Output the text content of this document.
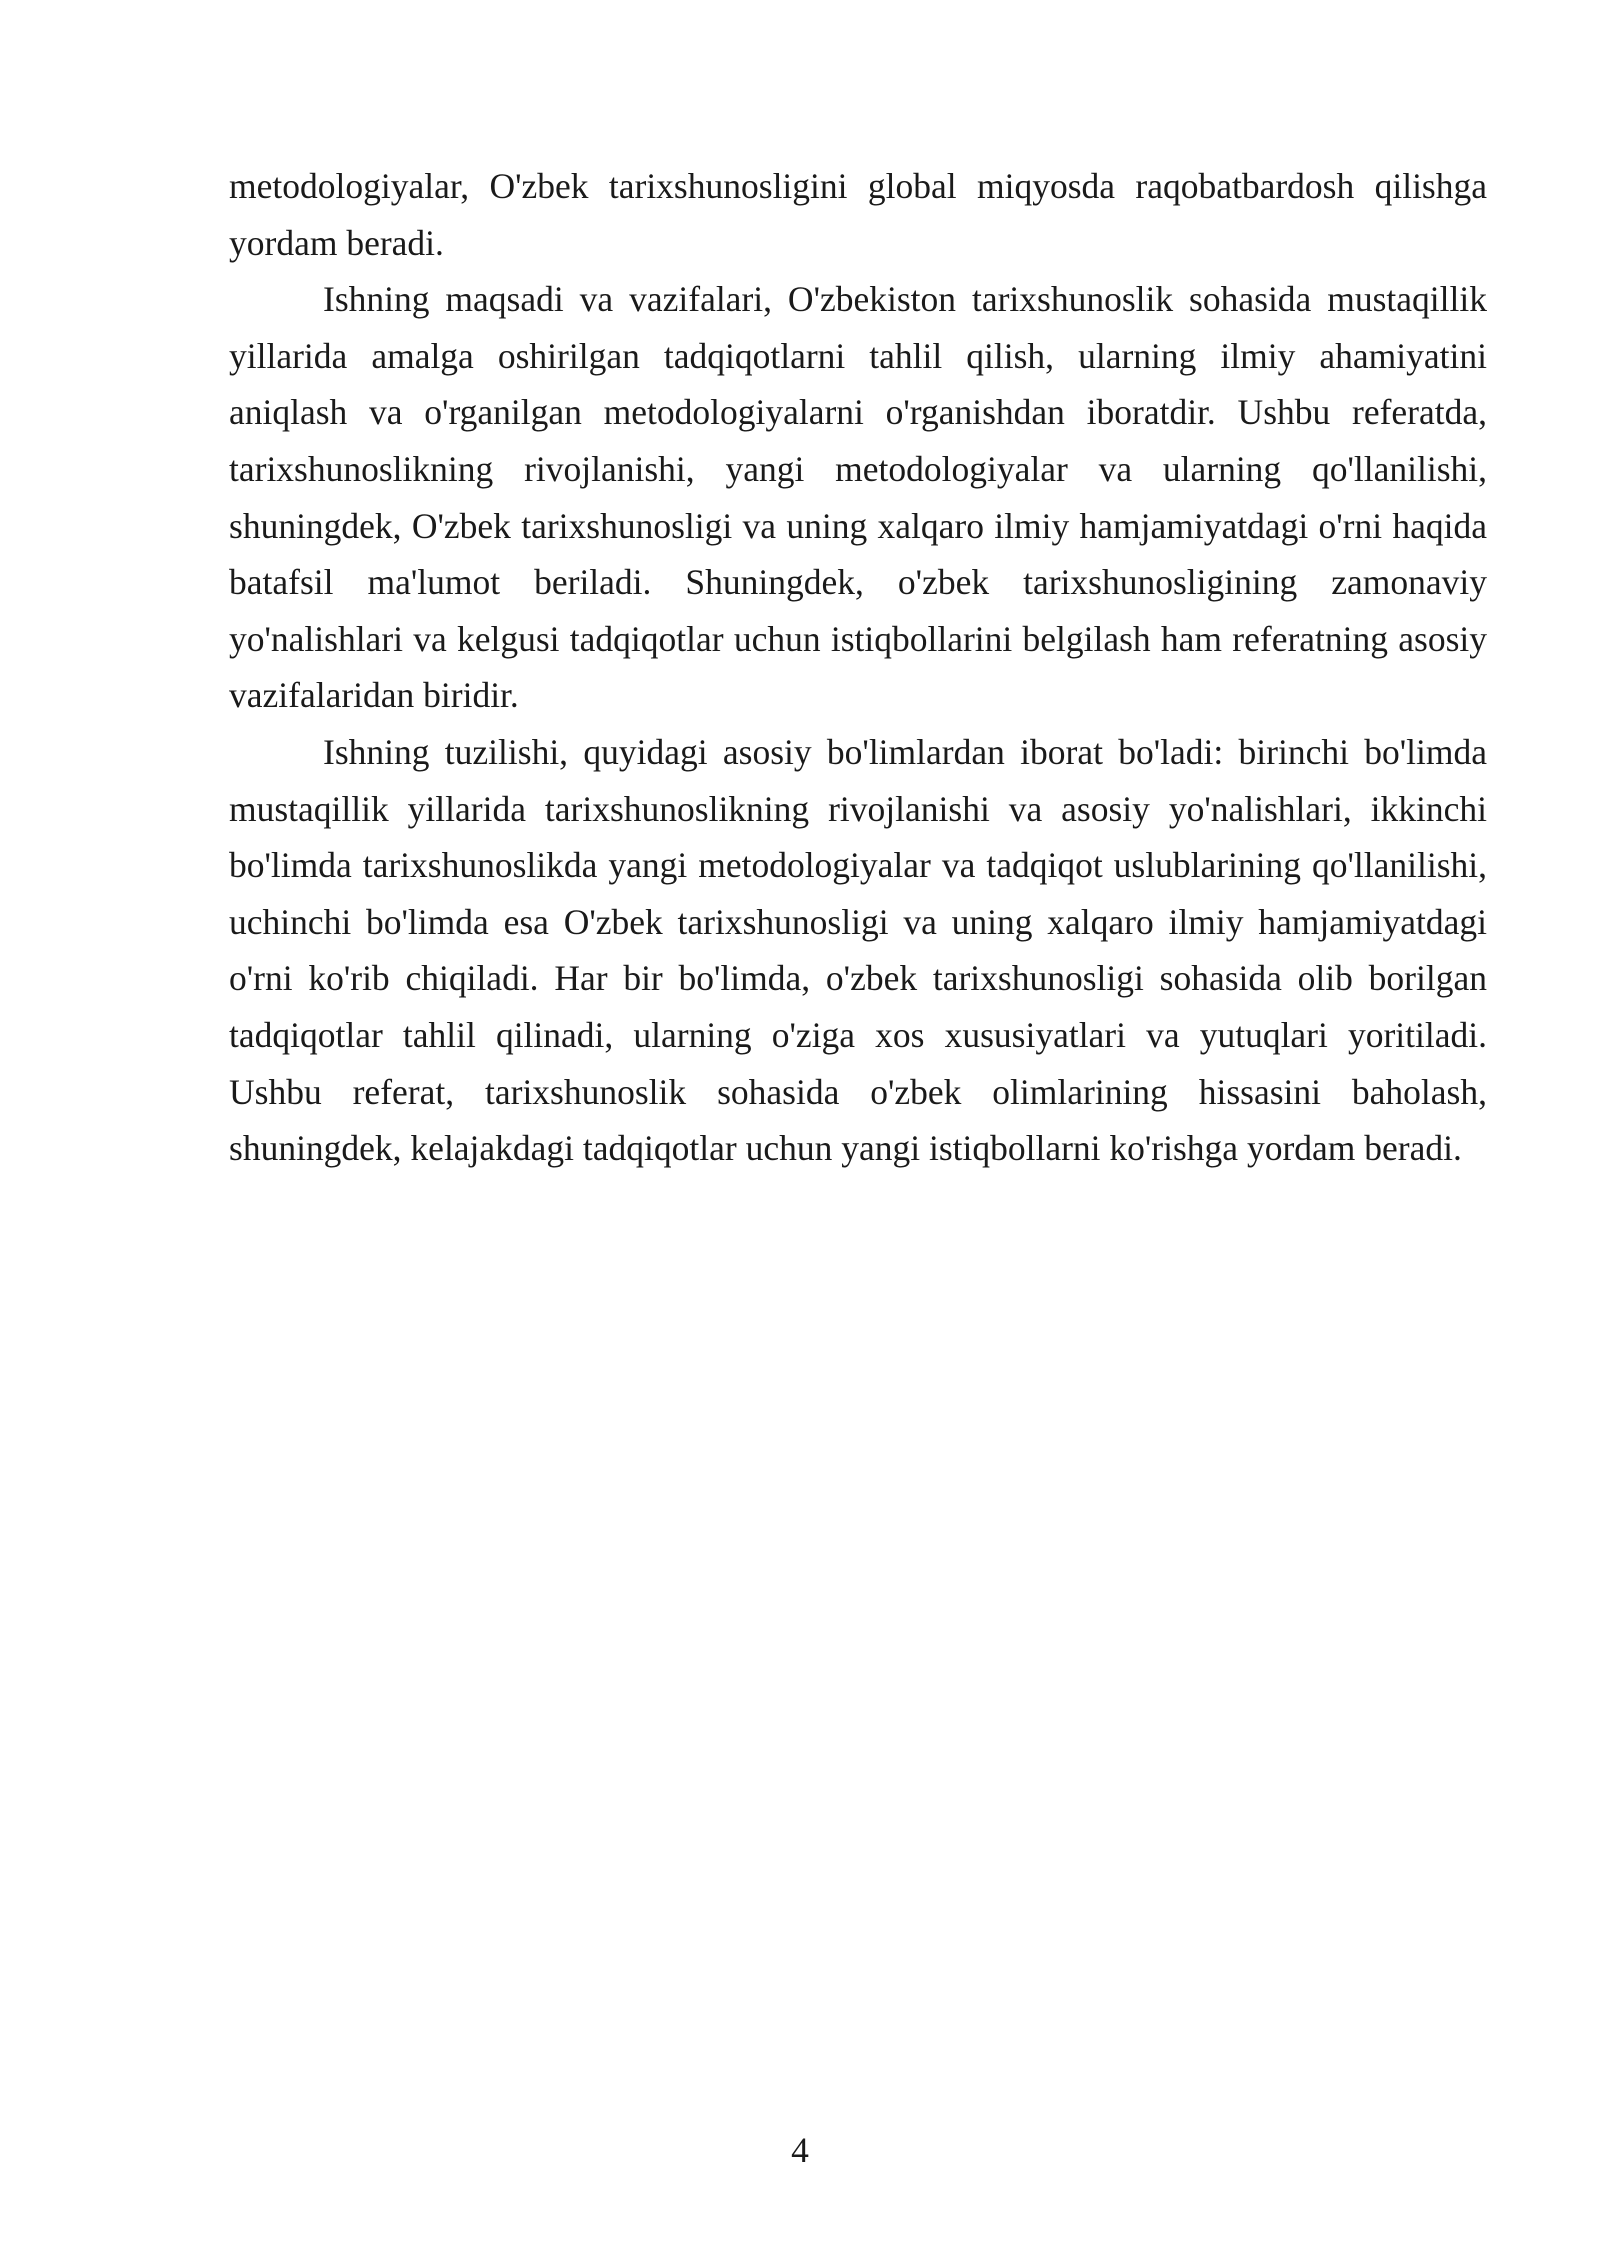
metodologiyalar, O'zbek tarixshunosligini global miqyosda raqobatbardosh qilishga yordam beradi.

Ishning maqsadi va vazifalari, O'zbekiston tarixshunoslik sohasida mustaqillik yillarida amalga oshirilgan tadqiqotlarni tahlil qilish, ularning ilmiy ahamiyatini aniqlash va o'rganilgan metodologiyalarni o'rganishdan iboratdir. Ushbu referatda, tarixshunoslikning rivojlanishi, yangi metodologiyalar va ularning qo'llanilishi, shuningdek, O'zbek tarixshunosligi va uning xalqaro ilmiy hamjamiyatdagi o'rni haqida batafsil ma'lumot beriladi. Shuningdek, o'zbek tarixshunosligining zamonaviy yo'nalishlari va kelgusi tadqiqotlar uchun istiqbollarini belgilash ham referatning asosiy vazifalaridan biridir.

Ishning tuzilishi, quyidagi asosiy bo'limlardan iborat bo'ladi: birinchi bo'limda mustaqillik yillarida tarixshunoslikning rivojlanishi va asosiy yo'nalishlari, ikkinchi bo'limda tarixshunoslikda yangi metodologiyalar va tadqiqot uslublarining qo'llanilishi, uchinchi bo'limda esa O'zbek tarixshunosligi va uning xalqaro ilmiy hamjamiyatdagi o'rni ko'rib chiqiladi. Har bir bo'limda, o'zbek tarixshunosligi sohasida olib borilgan tadqiqotlar tahlil qilinadi, ularning o'ziga xos xususiyatlari va yutuqlari yoritiladi. Ushbu referat, tarixshunoslik sohasida o'zbek olimlarining hissasini baholash, shuningdek, kelajakdagi tadqiqotlar uchun yangi istiqbollarni ko'rishga yordam beradi.

4
